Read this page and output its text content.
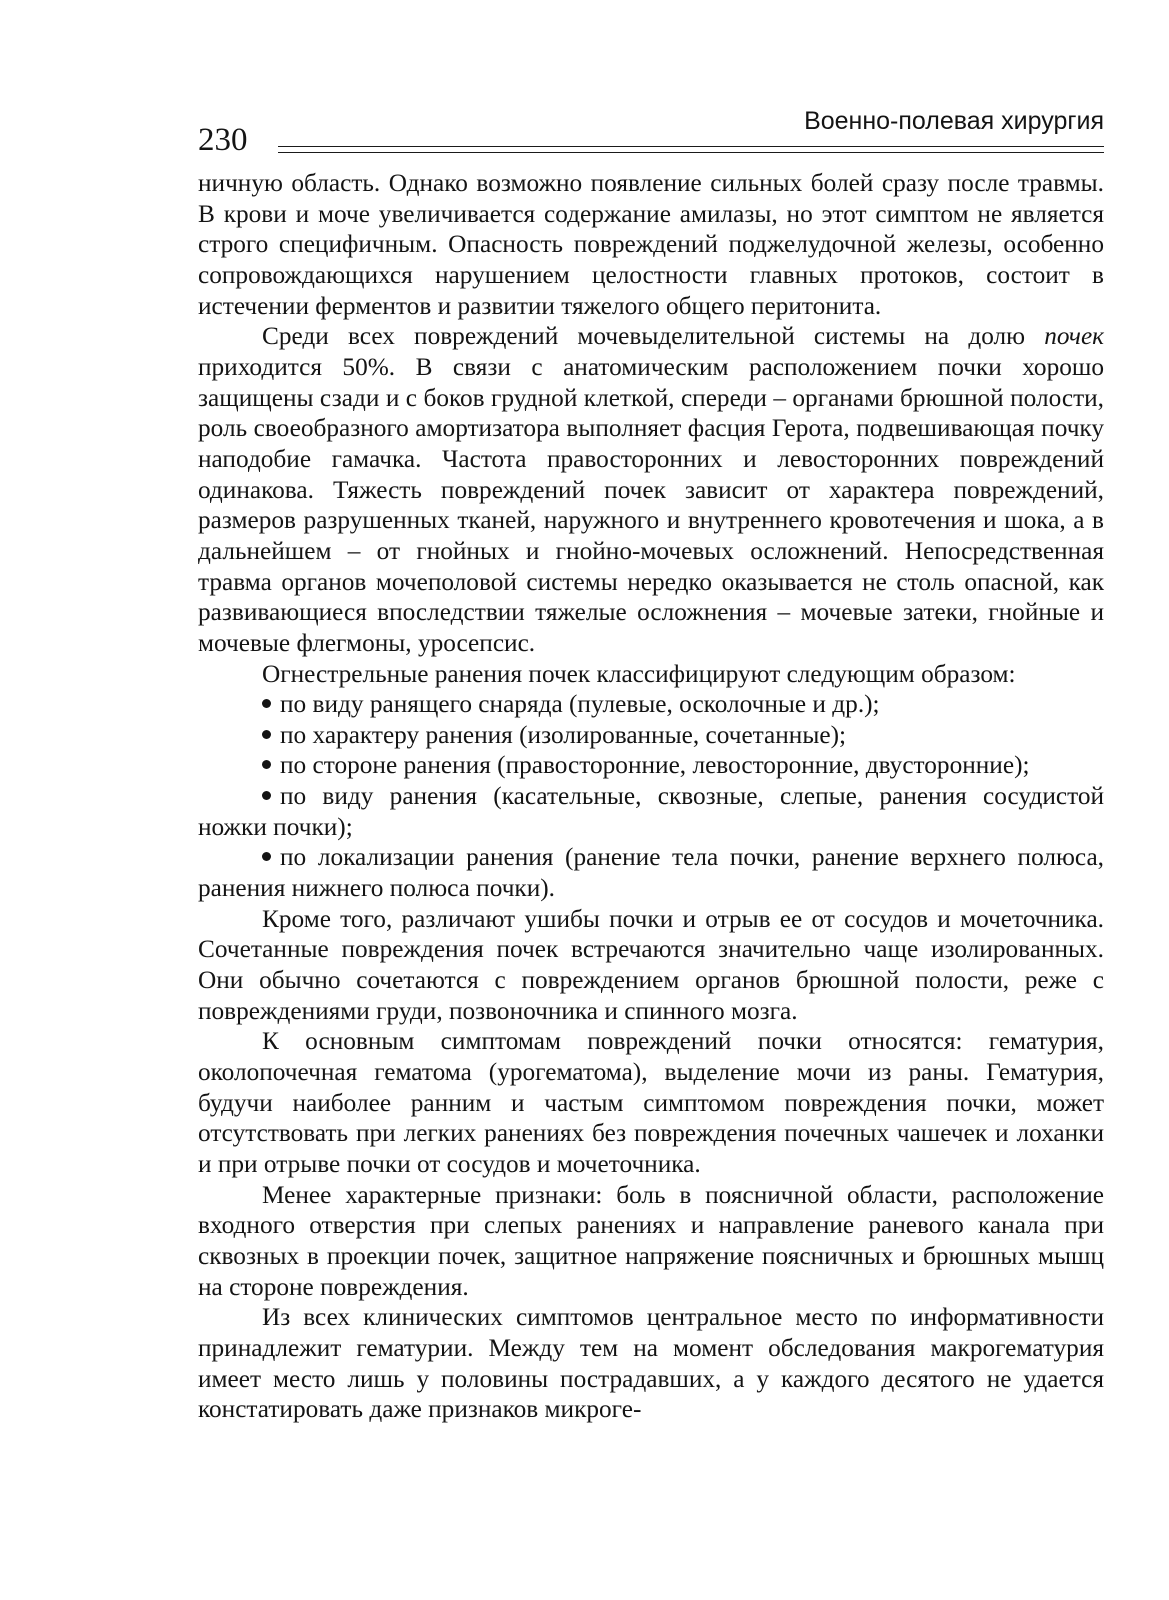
230
Военно-полевая хирургия

ничную область. Однако возможно появление сильных болей сразу после травмы. В крови и моче увеличивается содержание амилазы, но этот симптом не является строго специфичным. Опасность повреждений поджелудочной железы, особенно сопровождающихся нарушением целостности главных протоков, состоит в истечении ферментов и развитии тяжелого общего перитонита.

Среди всех повреждений мочевыделительной системы на долю почек приходится 50%. В связи с анатомическим расположением почки хорошо защищены сзади и с боков грудной клеткой, спереди – органами брюшной полости, роль своеобразного амортизатора выполняет фасция Герота, подвешивающая почку наподобие гамачка. Частота правосторонних и левосторонних повреждений одинакова. Тяжесть повреждений почек зависит от характера повреждений, размеров разрушенных тканей, наружного и внутреннего кровотечения и шока, а в дальнейшем – от гнойных и гнойно-мочевых осложнений. Непосредственная травма органов мочеполовой системы нередко оказывается не столь опасной, как развивающиеся впоследствии тяжелые осложнения – мочевые затеки, гнойные и мочевые флегмоны, уросепсис.

Огнестрельные ранения почек классифицируют следующим образом:

по виду ранящего снаряда (пулевые, осколочные и др.);

по характеру ранения (изолированные, сочетанные);

по стороне ранения (правосторонние, левосторонние, двусторонние);

по виду ранения (касательные, сквозные, слепые, ранения сосудистой ножки почки);

по локализации ранения (ранение тела почки, ранение верхнего полюса, ранения нижнего полюса почки).

Кроме того, различают ушибы почки и отрыв ее от сосудов и мочеточника. Сочетанные повреждения почек встречаются значительно чаще изолированных. Они обычно сочетаются с повреждением органов брюшной полости, реже с повреждениями груди, позвоночника и спинного мозга.

К основным симптомам повреждений почки относятся: гематурия, околопочечная гематома (урогематома), выделение мочи из раны. Гематурия, будучи наиболее ранним и частым симптомом повреждения почки, может отсутствовать при легких ранениях без повреждения почечных чашечек и лоханки и при отрыве почки от сосудов и мочеточника.

Менее характерные признаки: боль в поясничной области, расположение входного отверстия при слепых ранениях и направление раневого канала при сквозных в проекции почек, защитное напряжение поясничных и брюшных мышц на стороне повреждения.

Из всех клинических симптомов центральное место по информативности принадлежит гематурии. Между тем на момент обследования макрогематурия имеет место лишь у половины пострадавших, а у каждого десятого не удается констатировать даже признаков микроге-
